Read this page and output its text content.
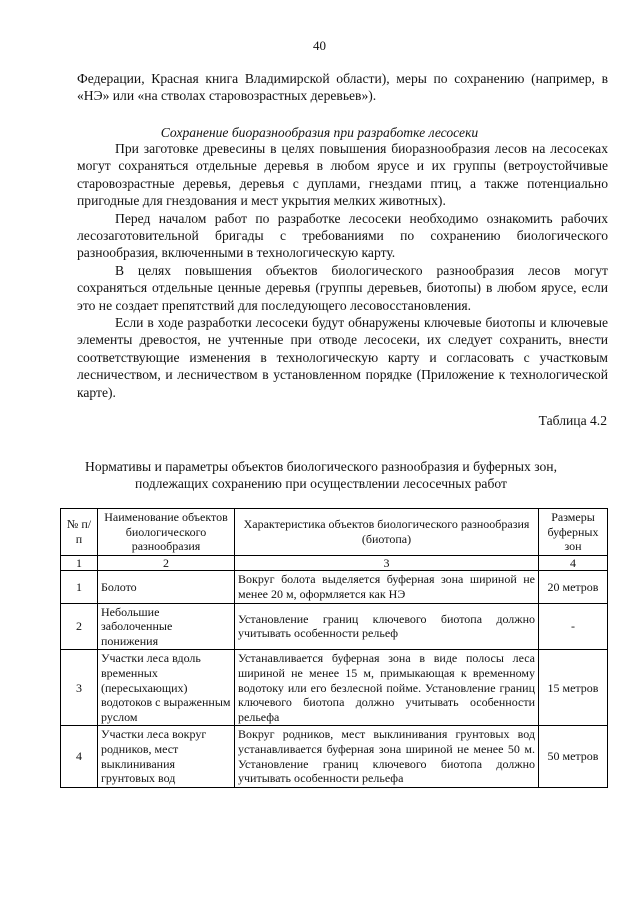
40

Федерации, Красная книга Владимирской области), меры по сохранению (например, в «НЭ» или «на стволах старовозрастных деревьев»).

Сохранение биоразнообразия при разработке лесосеки

При заготовке древесины в целях повышения биоразнообразия лесов на лесосеках могут сохраняться отдельные деревья в любом ярусе и их группы (ветроустойчивые старовозрастные деревья, деревья с дуплами, гнездами птиц, а также потенциально пригодные для гнездования и мест укрытия мелких животных).

Перед началом работ по разработке лесосеки необходимо ознакомить рабочих лесозаготовительной бригады с требованиями по сохранению биологического разнообразия, включенными в технологическую карту.

В целях повышения объектов биологического разнообразия лесов могут сохраняться отдельные ценные деревья (группы деревьев, биотопы) в любом ярусе, если это не создает препятствий для последующего лесовосстановления.

Если в ходе разработки лесосеки будут обнаружены ключевые биотопы и ключевые элементы древостоя, не учтенные при отводе лесосеки, их следует сохранить, внести соответствующие изменения в технологическую карту и согласовать с участковым лесничеством, и лесничеством в установленном порядке (Приложение к технологической карте).

Таблица 4.2
Нормативы и параметры объектов биологического разнообразия и буферных зон, подлежащих сохранению при осуществлении лесосечных работ
№ п/п	Наименование объектов биологического разнообразия	Характеристика объектов биологического разнообразия (биотопа)	Размеры буферных зон
1	2	3	4
1	Болото	Вокруг болота выделяется буферная зона шириной не менее 20 м, оформляется как НЭ	20 метров
2	Небольшие заболоченные понижения	Установление границ ключевого биотопа должно учитывать особенности рельеф	-
3	Участки леса вдоль временных (пересыхающих) водотоков с выраженным руслом	Устанавливается буферная зона в виде полосы леса шириной не менее 15 м, примыкающая к временному водотоку или его безлесной пойме. Установление границ ключевого биотопа должно учитывать особенности рельефа	15 метров
4	Участки леса вокруг родников, мест выклинивания грунтовых вод	Вокруг родников, мест выклинивания грунтовых вод устанавливается буферная зона шириной не менее 50 м. Установление границ ключевого биотопа должно учитывать особенности рельефа	50 метров
